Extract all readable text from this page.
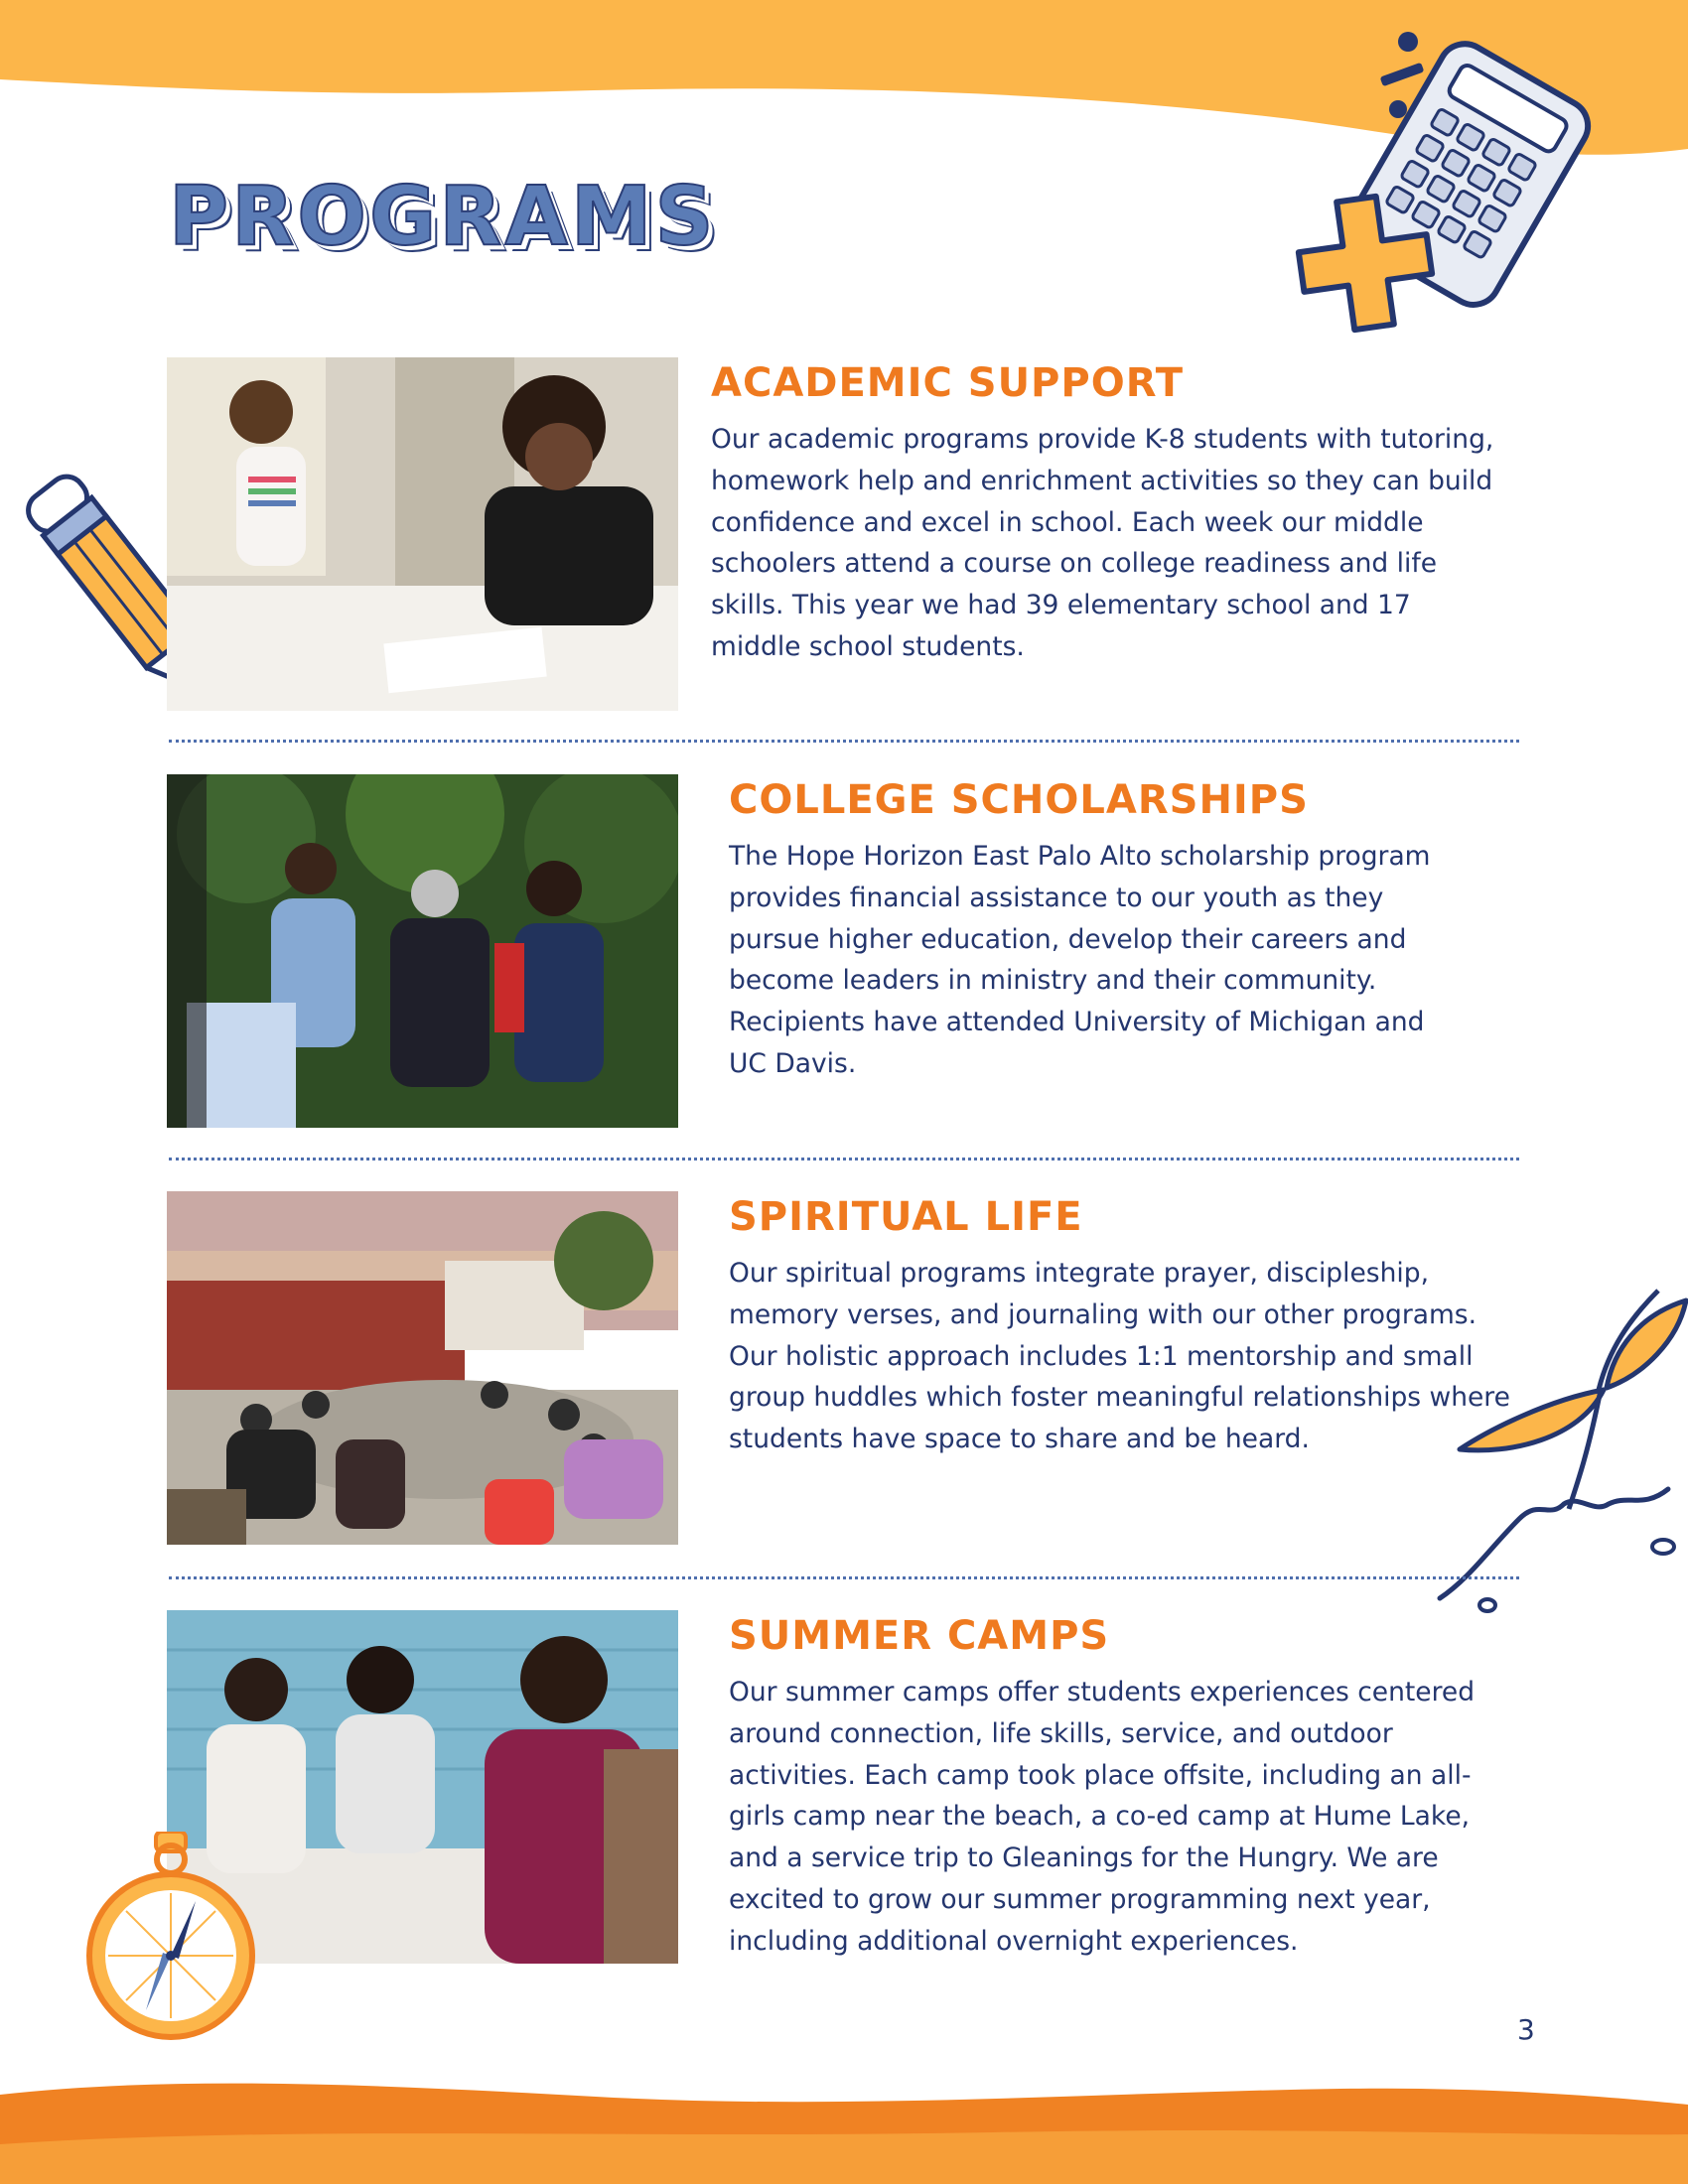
PROGRAMS
ACADEMIC SUPPORT

Our academic programs provide K-8 students with tutoring, homework help and enrichment activities so they can build confidence and excel in school. Each week our middle schoolers attend a course on college readiness and life skills. This year we had 39 elementary school and 17 middle school students.

COLLEGE SCHOLARSHIPS

The Hope Horizon East Palo Alto scholarship program provides financial assistance to our youth as they pursue higher education, develop their careers and become leaders in ministry and their community. Recipients have attended University of Michigan and UC Davis.

SPIRITUAL LIFE

Our spiritual programs integrate prayer, discipleship, memory verses, and journaling with our other programs. Our holistic approach includes 1:1 mentorship and small group huddles which foster meaningful relationships where students have space to share and be heard.

SUMMER CAMPS

Our summer camps offer students experiences centered around connection, life skills, service, and outdoor activities. Each camp took place offsite, including an all-girls camp near the beach, a co-ed camp at Hume Lake, and a service trip to Gleanings for the Hungry. We are excited to grow our summer programming next year, including additional overnight experiences.

3
